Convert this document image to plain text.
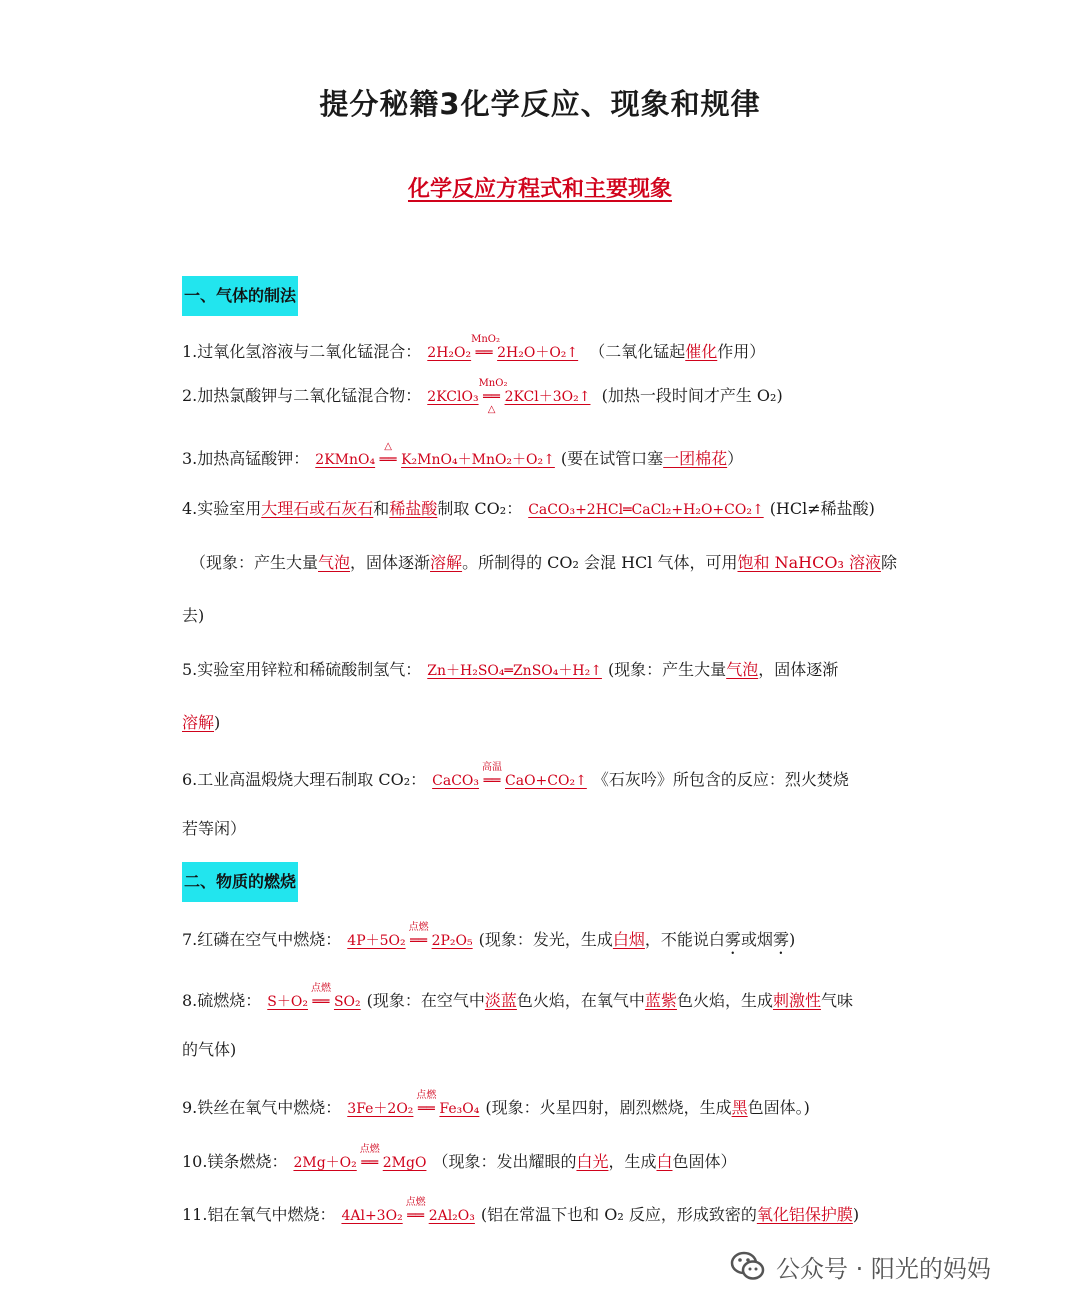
提分秘籍3化学反应、现象和规律
化学反应方程式和主要现象
一、气体的制法
1.过氧化氢溶液与二氧化锰混合： 2H₂O₂
MnO₂
══ 2H₂O＋O₂↑ （二氧化锰起催化作用）
2.加热氯酸钾与二氧化锰混合物： 2KClO₃
MnO₂
══
△
2KCl＋3O₂↑ (加热一段时间才产生 O₂)
3.加热高锰酸钾： 2KMnO₄
△
══ K₂MnO₄＋MnO₂＋O₂↑ (要在试管口塞一团棉花）
4.实验室用大理石或石灰石和稀盐酸制取 CO₂： CaCO₃+2HCl═CaCl₂+H₂O+CO₂↑ (HCl≠稀盐酸)
（现象：产生大量气泡，固体逐渐溶解。所制得的 CO₂ 会混 HCl 气体，可用饱和 NaHCO₃ 溶液除
去)
5.实验室用锌粒和稀硫酸制氢气： Zn＋H₂SO₄═ZnSO₄＋H₂↑ (现象：产生大量气泡，固体逐渐
溶解)
6.工业高温煅烧大理石制取 CO₂： CaCO₃
高温
══ CaO+CO₂↑ 《石灰吟》所包含的反应：烈火焚烧
若等闲）
二、物质的燃烧
7.红磷在空气中燃烧： 4P＋5O₂
点燃
══ 2P₂O₅ (现象：发光，生成白烟，不能说白雾或烟雾)
8.硫燃烧： S＋O₂
点燃
══ SO₂ (现象：在空气中淡蓝色火焰，在氧气中蓝紫色火焰，生成刺激性气味
的气体)
9.铁丝在氧气中燃烧： 3Fe＋2O₂
点燃
══ Fe₃O₄ (现象：火星四射，剧烈燃烧，生成黑色固体。)
10.镁条燃烧： 2Mg＋O₂
点燃
══ 2MgO （现象：发出耀眼的白光，生成白色固体）
11.铝在氧气中燃烧： 4Al+3O₂
点燃
══ 2Al₂O₃ (铝在常温下也和 O₂ 反应，形成致密的氧化铝保护膜)
公众号 · 阳光的妈妈
